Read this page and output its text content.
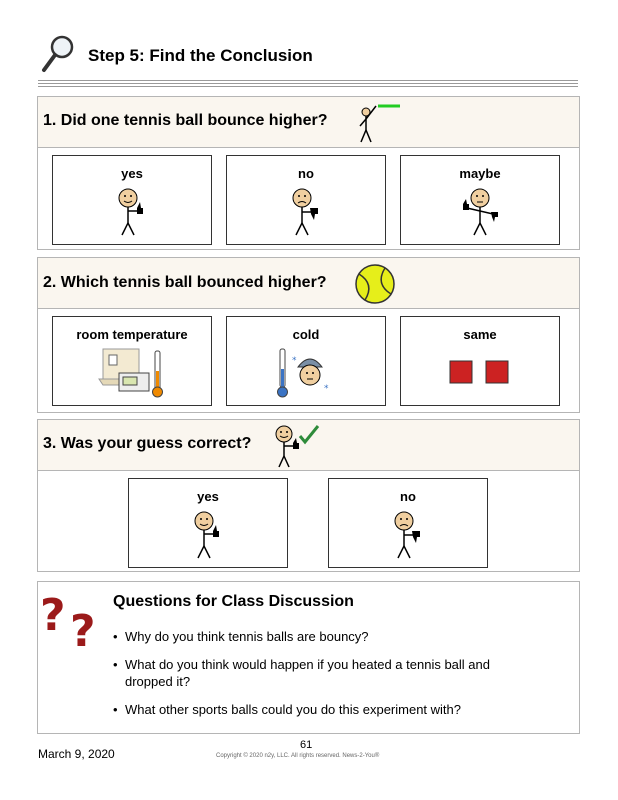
Step 5: Find the Conclusion
1. Did one tennis ball bounce higher?
yes	no	maybe
2. Which tennis ball bounced higher?
room temperature	cold
*
*
same
3. Was your guess correct?
yes	no
? ?
Questions for Class Discussion
• Why do you think tennis balls are bouncy?
• What do you think would happen if you heated a tennis ball and dropped it?
• What other sports balls could you do this experiment with?
March 9, 2020
61
Copyright © 2020 n2y, LLC. All rights reserved. News-2-You®
